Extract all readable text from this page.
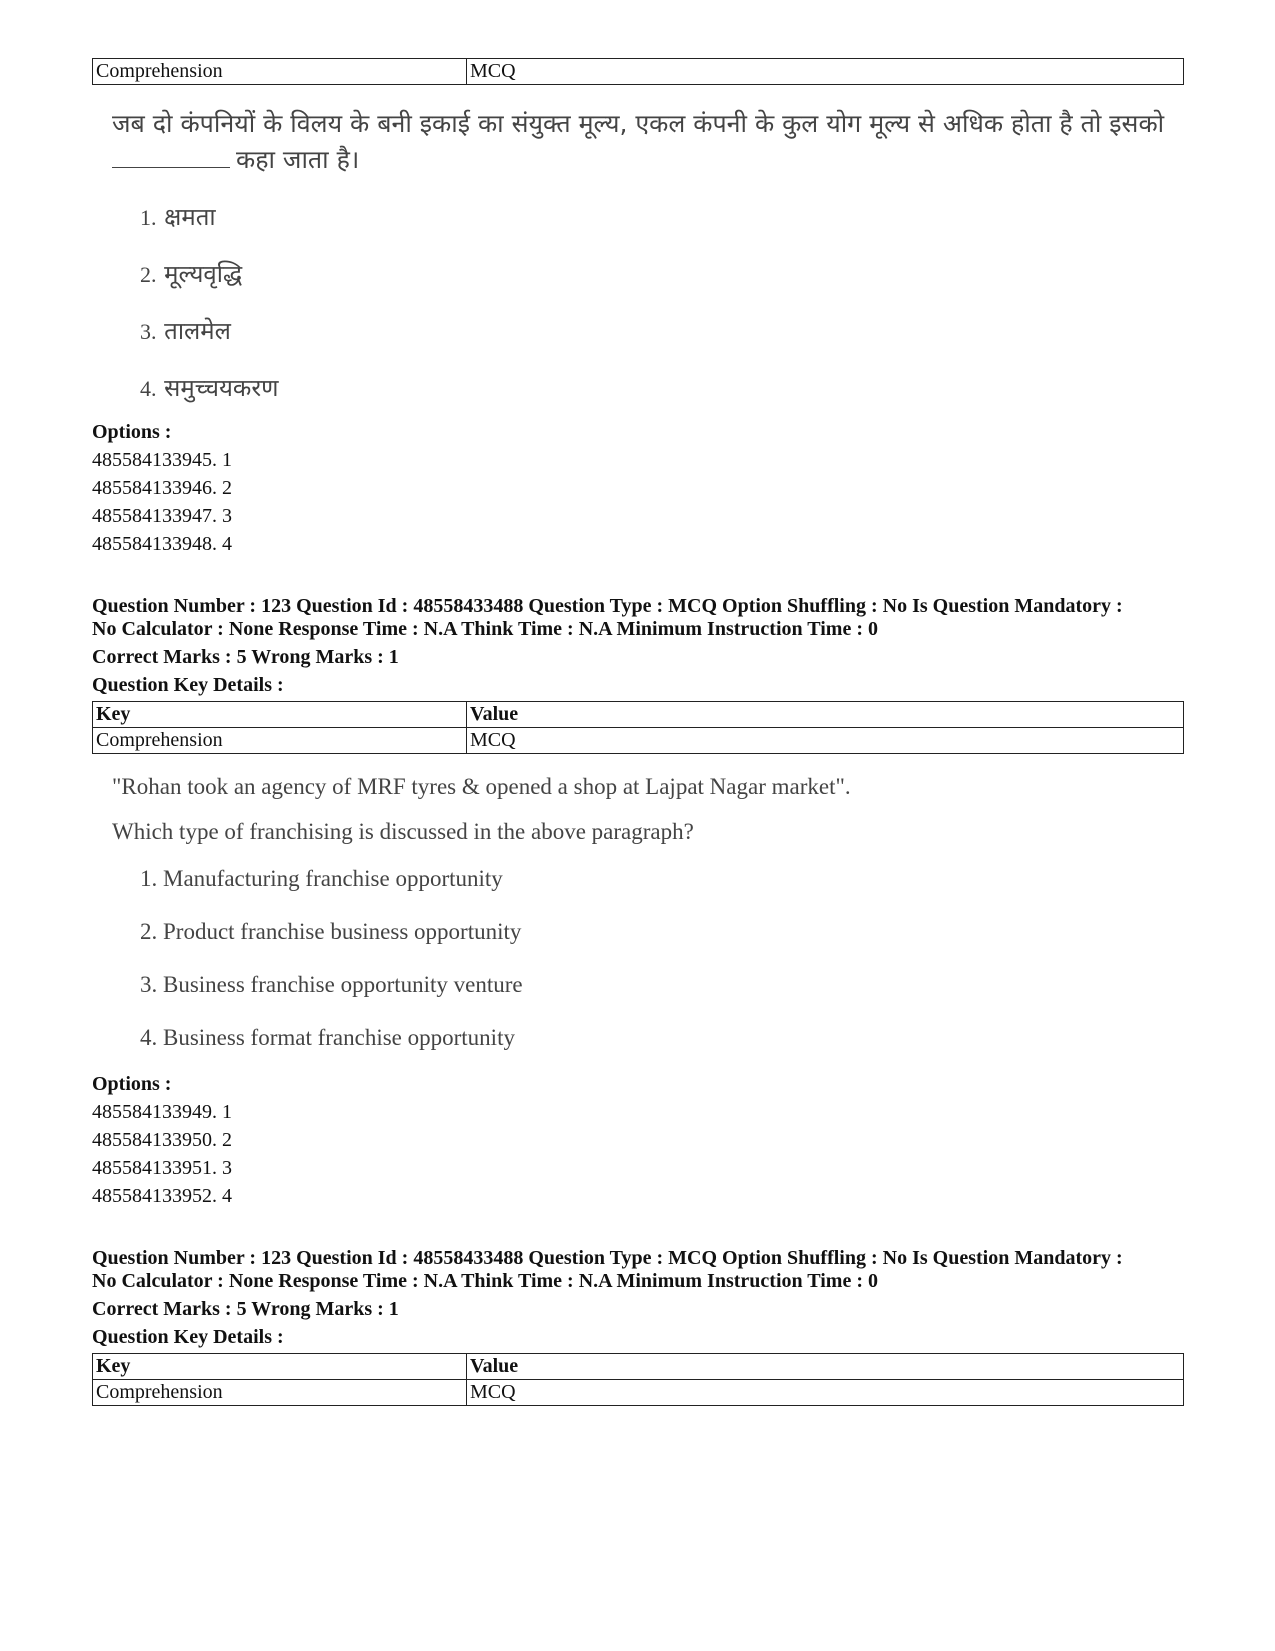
Comprehension	MCQ
जब दो कंपनियों के विलय के बनी इकाई का संयुक्त मूल्य, एकल कंपनी के कुल योग मूल्य से अधिक होता है तो इसको
कहा जाता है।
1. क्षमता
2. मूल्यवृद्धि
3. तालमेल
4. समुच्चयकरण
Options :
485584133945. 1
485584133946. 2
485584133947. 3
485584133948. 4
Question Number : 123 Question Id : 48558433488 Question Type : MCQ Option Shuffling : No Is Question Mandatory :
No Calculator : None Response Time : N.A Think Time : N.A Minimum Instruction Time : 0
Correct Marks : 5 Wrong Marks : 1
Question Key Details :
Key	Value
Comprehension	MCQ
"Rohan took an agency of MRF tyres & opened a shop at Lajpat Nagar market".
Which type of franchising is discussed in the above paragraph?
1. Manufacturing franchise opportunity
2. Product franchise business opportunity
3. Business franchise opportunity venture
4. Business format franchise opportunity
Options :
485584133949. 1
485584133950. 2
485584133951. 3
485584133952. 4
Question Number : 123 Question Id : 48558433488 Question Type : MCQ Option Shuffling : No Is Question Mandatory :
No Calculator : None Response Time : N.A Think Time : N.A Minimum Instruction Time : 0
Correct Marks : 5 Wrong Marks : 1
Question Key Details :
Key	Value
Comprehension	MCQ
